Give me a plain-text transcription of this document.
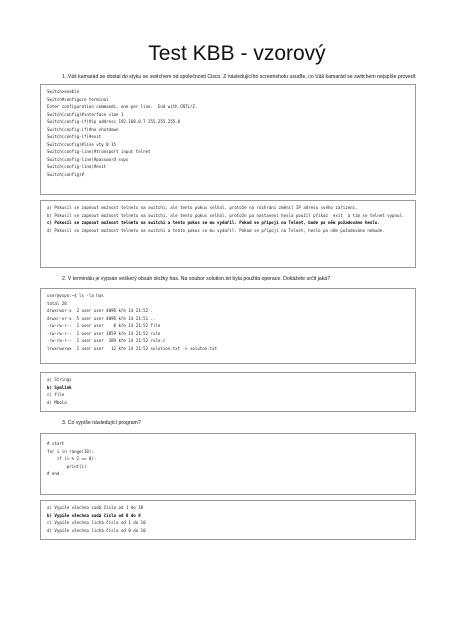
Test KBB - vzorový
1. Váš kamarád se dostal do styku se switchem od společnosti Cisco. Z následujícího screenshotu usuďte, co Váš kamarád se switchem nejspíše provedl:
Switch>enable
Switch#configure terminal
Enter configuration commands, one per line.  End with CNTL/Z.
Switch(config)#interface vlan 1
Switch(config-if)#ip address 192.168.0.7 255.255.255.0
Switch(config-if)#no shutdown
Switch(config-if)#exit
Switch(config)#line vty 0 15
Switch(config-line)#transport input telnet
Switch(config-line)#password svps
Switch(config-line)#exit
Switch(config)#
a) Pokusil se zapnout možnost telnetu na switchi, ale tento pokus selhal, protože na rozhraní změnil IP adresu svého zařízení.
b) Pokusil se zapnout možnost telnetu na switchi, ale tento pokus selhal, protože po nastavení hesla použil příkaz  exit  a tím se telnet vypnul.
c) Pokusil se zapnout možnost telnetu na switchi a tento pokus se mu vydařil. Pokud se připojí na Telnet, bude po něm požadováno heslo.
d) Pokusil se zapnout možnost telnetu na switchi a tento pokus se mu vydařil. Pokud se připojí na Telnet, heslo po něm požadováno nebude.
2. V terminálu je vypsán veškerý obsah složky has. Na soubor solution.txt byla použita operace. Dokážete určit jaká?
user@vspn:~$ ls -la has
total 28
drwxrwxr-x  2 user user 4096 kře 14 21:52 .
drwxr-xr-x  5 user user 4096 kře 14 21:51 ..
-rw-rw-r--  1 user user    0 kře 14 21:52 file
-rw-rw-r--  1 user user 1859 kře 14 21:52 rule
-rw-rw-r--  1 user user  389 kře 14 21:52 rule.c
lrwxrwxrwx  1 user user   12 kře 14 21:52 solution.txt -> soluton.txt
a) Strings
b) Symlink
c) file
d) Mbola
3. Co vypíše následující program?
# start
for i in range(10):
if (i % 2 == 0):
print(i)
# end
a) Vypíše všechna sudá čísla od 1 do 10
b) Vypíše všechna sudá čísla od 0 do 8
c) Vypíše všechna lichá čísla od 1 do 10
d) Vypíše všechna lichá čísla od 0 do 10
